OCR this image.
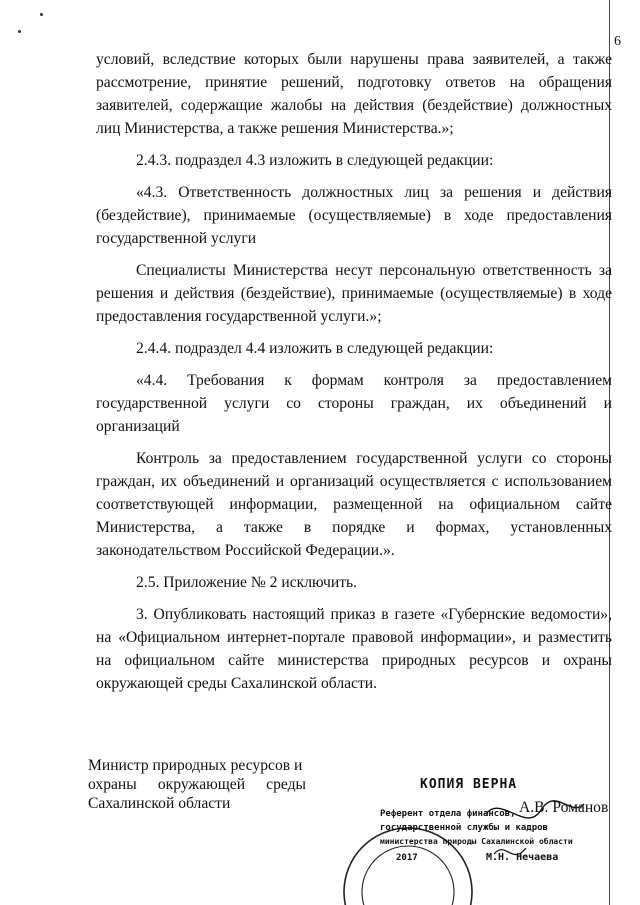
6
условий, вследствие которых были нарушены права заявителей, а также
рассмотрение, принятие решений, подготовку ответов на обращения
заявителей, содержащие жалобы на действия (бездействие) должностных
лиц Министерства, а также решения Министерства.»;
2.4.3. подраздел 4.3 изложить в следующей редакции:
«4.3. Ответственность должностных лиц за решения и действия
(бездействие), принимаемые (осуществляемые) в ходе предоставления
государственной услуги
Специалисты Министерства несут персональную ответственность за
решения и действия (бездействие), принимаемые (осуществляемые) в ходе
предоставления государственной услуги.»;
2.4.4. подраздел 4.4 изложить в следующей редакции:
«4.4. Требования к формам контроля за предоставлением
государственной услуги со стороны граждан, их объединений и
организаций
Контроль за предоставлением государственной услуги со стороны
граждан, их объединений и организаций осуществляется с использованием
соответствующей информации, размещенной на официальном сайте
Министерства, а также в порядке и формах, установленных
законодательством Российской Федерации.».
2.5. Приложение № 2 исключить.
3. Опубликовать настоящий приказ в газете «Губернские ведомости»,
на «Официальном интернет-портале правовой информации», и разместить
на официальном сайте министерства природных ресурсов и охраны
окружающей среды Сахалинской области.
Министр природных ресурсов и
охраны окружающей среды
Сахалинской области
КОПИЯ ВЕРНА
Референт отдела финансов,
государственной службы и кадров
министерства природы Сахалинской области
2017	М.Н. Нечаева
А.В. Романов
